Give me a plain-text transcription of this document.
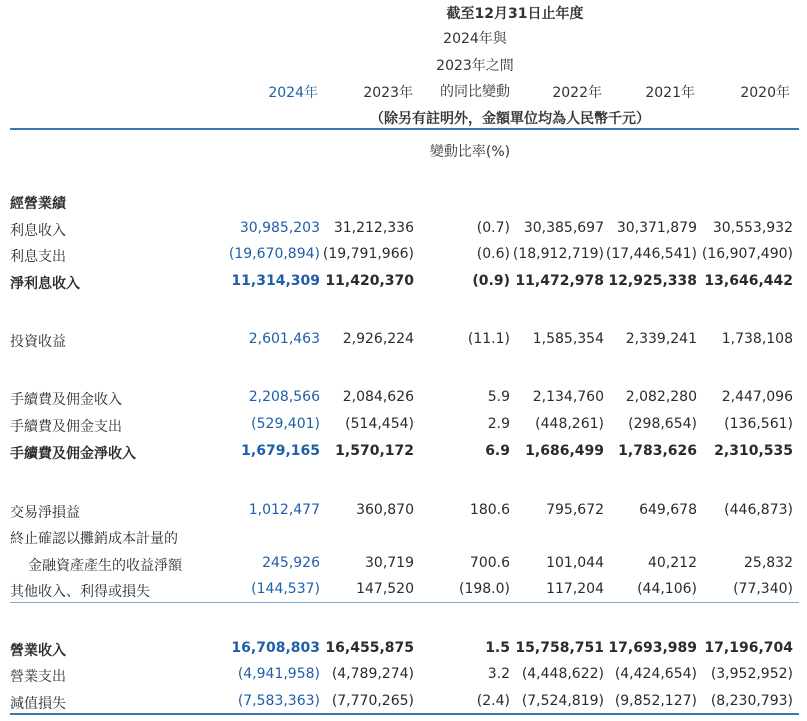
截至12月31日止年度
2024年與
2023年之間
的同比變動
2024年	2023年	2022年	2021年	2020年
（除另有註明外，金額單位均為人民幣千元）
變動比率(%)
經營業績
利息收入	30,985,203 31,212,336	(0.7) 30,385,697 30,371,879	30,553,932
利息支出	(19,670,894) (19,791,966)	(0.6) (18,912,719) (17,446,541) (16,907,490)
淨利息收入	11,314,309 11,420,370	(0.9) 11,472,978 12,925,338 13,646,442
投資收益	2,601,463	2,926,224	(11.1)	1,585,354	2,339,241	1,738,108
手續費及佣金收入	2,208,566	2,084,626	5.9	2,134,760	2,082,280	2,447,096
手續費及佣金支出	(529,401)	(514,454)	2.9	(448,261)	(298,654)	(136,561)
手續費及佣金淨收入	1,679,165	1,570,172	6.9	1,686,499	1,783,626	2,310,535
交易淨損益	1,012,477	360,870	180.6	795,672	649,678	(446,873)
終止確認以攤銷成本計量的
金融資產產生的收益淨額	245,926	30,719	700.6	101,044	40,212	25,832
其他收入、利得或損失	(144,537)	147,520	(198.0)	117,204	(44,106)	(77,340)
營業收入	16,708,803 16,455,875	1.5 15,758,751 17,693,989 17,196,704
營業支出	(4,941,958) (4,789,274)	3.2 (4,448,622) (4,424,654) (3,952,952)
減值損失	(7,583,363) (7,770,265)	(2.4) (7,524,819) (9,852,127) (8,230,793)
